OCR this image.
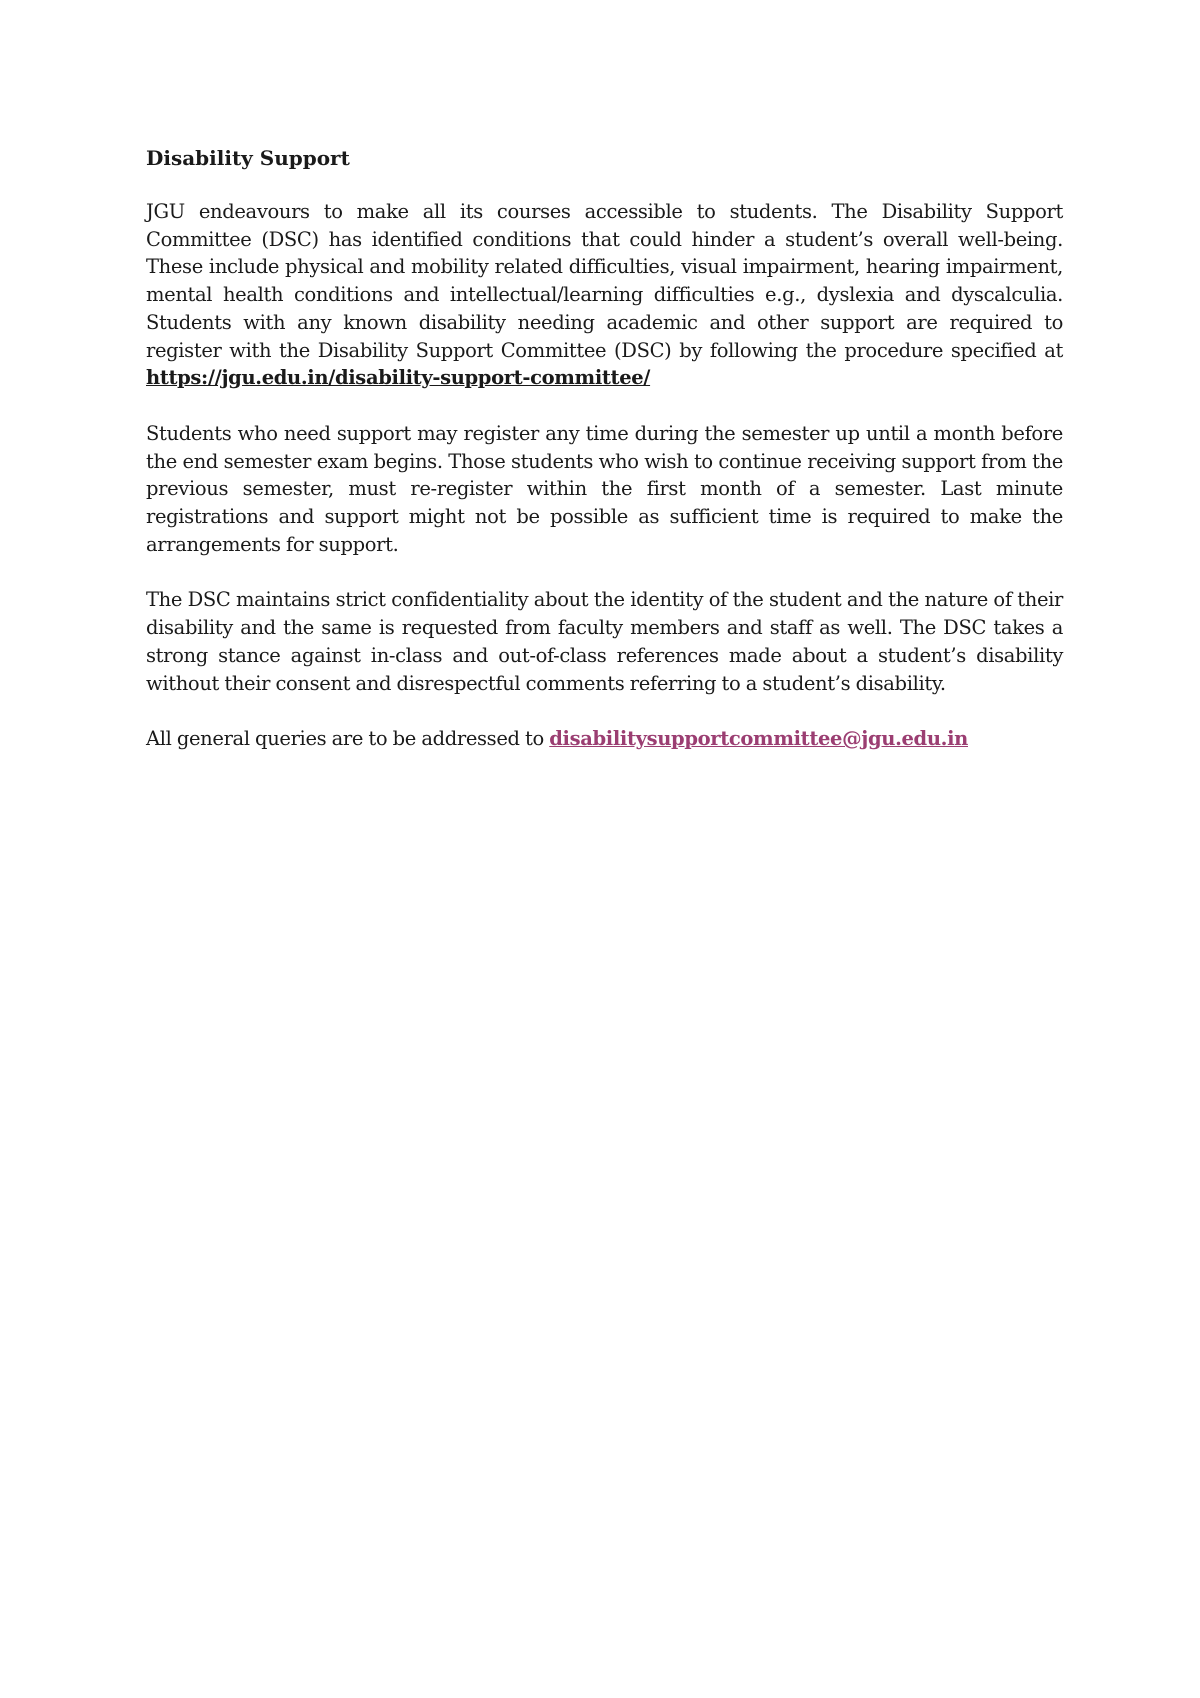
Disability Support

JGU endeavours to make all its courses accessible to students. The Disability Support Committee (DSC) has identified conditions that could hinder a student’s overall well-being. These include physical and mobility related difficulties, visual impairment, hearing impairment, mental health conditions and intellectual/learning difficulties e.g., dyslexia and dyscalculia. Students with any known disability needing academic and other support are required to register with the Disability Support Committee (DSC) by following the procedure specified at https://jgu.edu.in/disability-support-committee/

Students who need support may register any time during the semester up until a month before the end semester exam begins. Those students who wish to continue receiving support from the previous semester, must re-register within the first month of a semester. Last minute registrations and support might not be possible as sufficient time is required to make the arrangements for support.

The DSC maintains strict confidentiality about the identity of the student and the nature of their disability and the same is requested from faculty members and staff as well. The DSC takes a strong stance against in-class and out-of-class references made about a student’s disability without their consent and disrespectful comments referring to a student’s disability.

All general queries are to be addressed to disabilitysupportcommittee@jgu.edu.in
